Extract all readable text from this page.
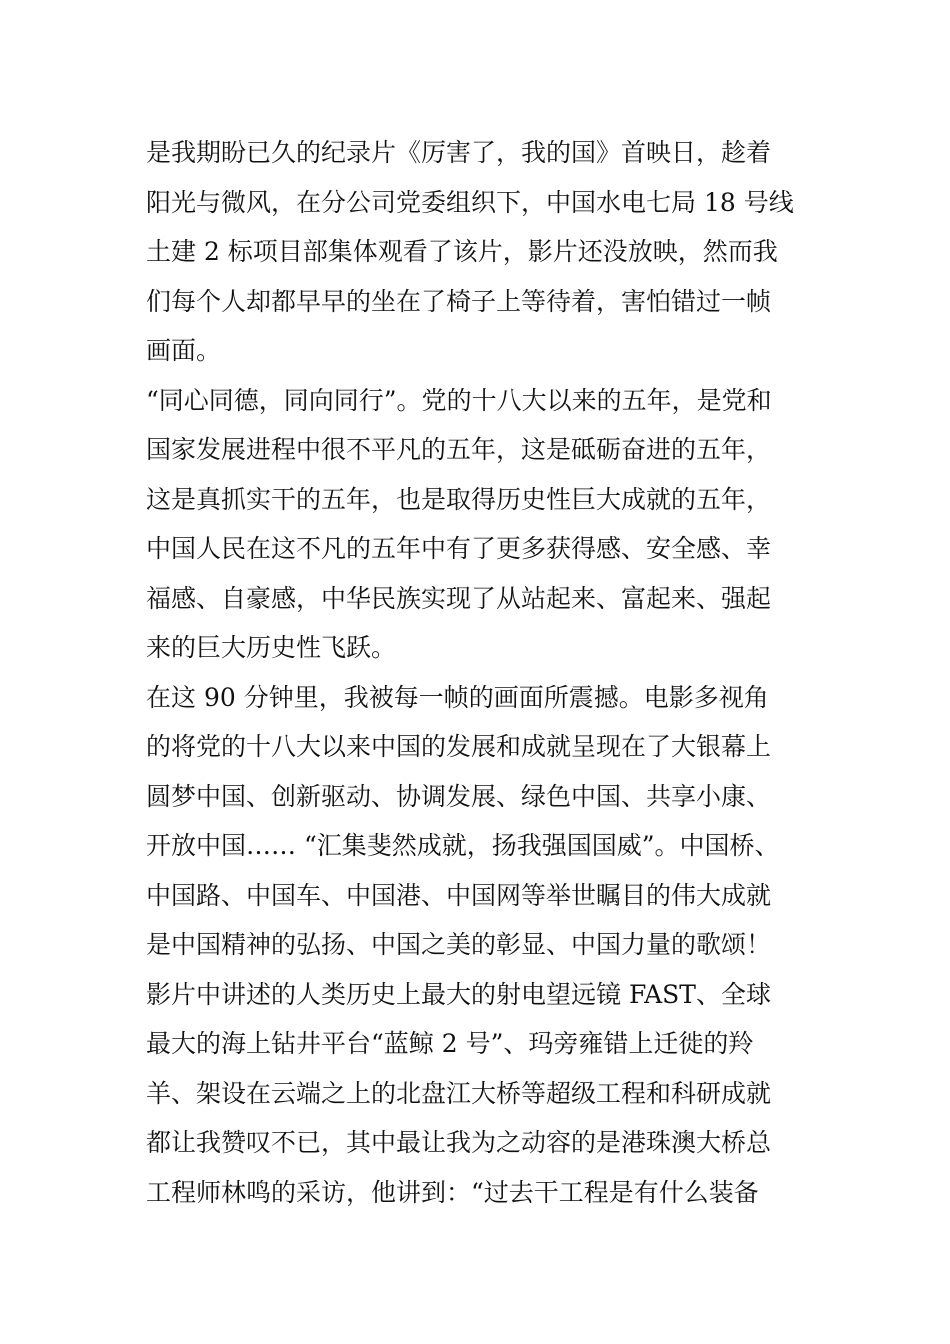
是我期盼已久的纪录片《厉害了，我的国》首映日，趁着
阳光与微风，在分公司党委组织下，中国水电七局 18 号线
土建 2 标项目部集体观看了该片，影片还没放映，然而我
们每个人却都早早的坐在了椅子上等待着，害怕错过一帧
画面。
“同心同德，同向同行”。党的十八大以来的五年，是党和
国家发展进程中很不平凡的五年，这是砥砺奋进的五年，
这是真抓实干的五年，也是取得历史性巨大成就的五年，
中国人民在这不凡的五年中有了更多获得感、安全感、幸
福感、自豪感，中华民族实现了从站起来、富起来、强起
来的巨大历史性飞跃。
在这 90 分钟里，我被每一帧的画面所震撼。电影多视角
的将党的十八大以来中国的发展和成就呈现在了大银幕上
圆梦中国、创新驱动、协调发展、绿色中国、共享小康、
开放中国…… “汇集斐然成就，扬我强国国威”。中国桥、
中国路、中国车、中国港、中国网等举世瞩目的伟大成就
是中国精神的弘扬、中国之美的彰显、中国力量的歌颂！
影片中讲述的人类历史上最大的射电望远镜 FAST、全球
最大的海上钻井平台“蓝鲸 2 号”、玛旁雍错上迁徙的羚
羊、架设在云端之上的北盘江大桥等超级工程和科研成就
都让我赞叹不已，其中最让我为之动容的是港珠澳大桥总
工程师林鸣的采访，他讲到：“过去干工程是有什么装备
